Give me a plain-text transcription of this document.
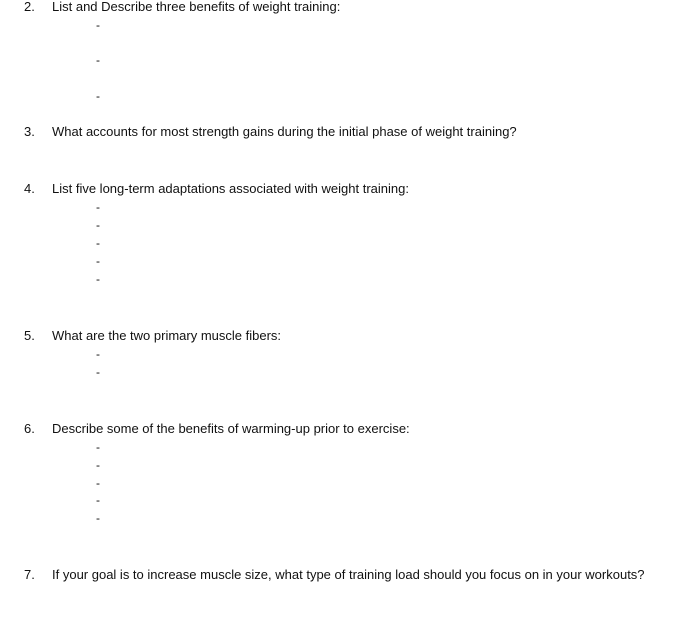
2. List and Describe three benefits of weight training:
-
-
-
3. What accounts for most strength gains during the initial phase of weight training?
4. List five long-term adaptations associated with weight training:
-
-
-
-
-
5. What are the two primary muscle fibers:
-
-
6. Describe some of the benefits of warming-up prior to exercise:
-
-
-
-
-
7. If your goal is to increase muscle size, what type of training load should you focus on in your workouts?
